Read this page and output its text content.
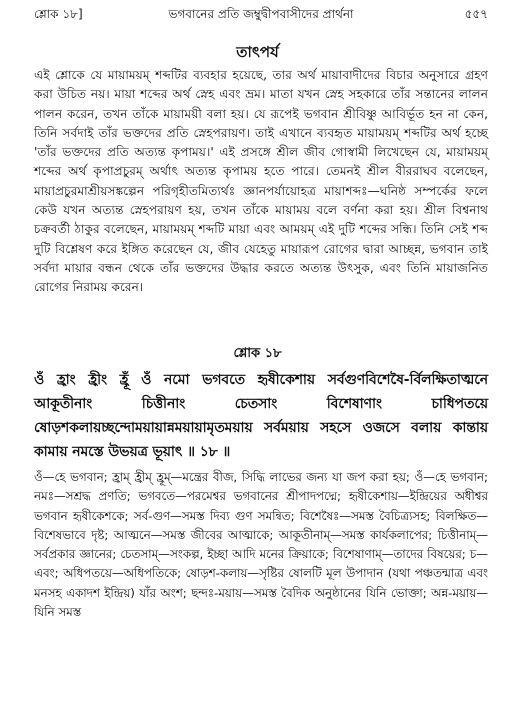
শ্লোক ১৮]	ভগবানের প্রতি জম্বুদ্বীপবাসীদের প্রার্থনা	৫৫৭
তাৎপর্য

এই শ্লোকে যে মায়াময়ম্ শব্দটির ব্যবহার হয়েছে, তার অর্থ মায়াবাদীদের বিচার অনুসারে গ্রহণ করা উচিত নয়। মায়া শব্দের অর্থ স্নেহ এবং ভ্রম। মাতা যখন স্নেহ সহকারে তাঁর সন্তানের লালন পালন করেন, তখন তাঁকে মায়াময়ী বলা হয়। যে রূপেই ভগবান শ্রীবিষ্ণু আবির্ভূত হন না কেন, তিনি সর্বদাই তাঁর ভক্তদের প্রতি স্নেহপরায়ণ। তাই এখানে ব্যবহৃত মায়াময়ম্ শব্দটির অর্থ হচ্ছে 'তাঁর ভক্তদের প্রতি অত্যন্ত কৃপাময়।' এই প্রসঙ্গে শ্রীল জীব গোস্বামী লিখেছেন যে, মায়াময়ম্ শব্দের অর্থ কৃপাপ্রচুরম্ অর্থাৎ অত্যন্ত কৃপাময় হতে পারে। তেমনই শ্রীল বীররাঘব বলেছেন, মায়াপ্রচুরমাশ্রীয়সঙ্কল্পেন পরিগৃহীতমিত্যর্থঃ জ্ঞানপর্যায়োহত্র মায়াশব্দঃ—ঘনিষ্ঠ সম্পর্কের ফলে কেউ যখন অত্যন্ত স্নেহপরায়ণ হয়, তখন তাঁকে মায়াময় বলে বর্ণনা করা হয়। শ্রীল বিশ্বনাথ চক্রবর্তী ঠাকুর বলেছেন, মায়াময়ম্ শব্দটি মায়া এবং আময়ম্ এই দুটি শব্দের সন্ধি। তিনি সেই শব্দ দুটি বিশ্লেষণ করে ইঙ্গিত করেছেন যে, জীব যেহেতু মায়ারূপ রোগের দ্বারা আচ্ছন্ন, ভগবান তাই সর্বদা মায়ার বন্ধন থেকে তাঁর ভক্তদের উদ্ধার করতে অত্যন্ত উৎসুক, এবং তিনি মায়াজনিত রোগের নিরাময় করেন।

শ্লোক ১৮

ওঁ হ্রাং হ্রীং হ্রূঁ ওঁ নমো ভগবতে হৃষীকেশায় সর্বগুণবিশেষৈ-র্বিলক্ষিতাত্মনে আকূতীনাং চিত্তীনাং চেতসাং বিশেষাণাং চাধিপতয়ে ষোড়শকলায়চ্ছন্দোময়ায়ান্নময়ায়ামৃতময়ায় সর্বময়ায় সহসে ওজসে বলায় কান্তায় কামায় নমস্তে উভয়ত্র ভূয়াৎ ॥ ১৮ ॥

ওঁ—হে ভগবান; হ্রাম্ হ্রীম্ হ্রূম্—মন্ত্রের বীজ, সিদ্ধি লাভের জন্য যা জপ করা হয়; ওঁ—হে ভগবান; নমঃ—সশ্রদ্ধ প্রণতি; ভগবতে—পরমেশ্বর ভগবানের শ্রীপাদপদ্মে; হৃষীকেশায়—ইন্দ্রিয়ের অধীশ্বর ভগবান হৃষীকেশকে; সর্ব-গুণ—সমস্ত দিব্য গুণ সমন্বিত; বিশেষৈঃ—সমস্ত বৈচিত্র্যসহ; বিলক্ষিত—বিশেষভাবে দৃষ্ট; আত্মনে—সমস্ত জীবের আত্মাকে; আকূতীনাম্—সমস্ত কার্যকলাপের; চিত্তীনাম্—সর্বপ্রকার জ্ঞানের; চেতসাম্—সংকল্প, ইচ্ছা আদি মনের ক্রিয়াকে; বিশেষাণাম্—তাদের বিষয়ের; চ—এবং; অধিপতয়ে—অধিপতিকে; ষোড়শ-কলায়—সৃষ্টির ষোলটি মূল উপাদান (যথা পঞ্চতন্মাত্র এবং মনসহ একাদশ ইন্দ্রিয়) যাঁর অংশ; ছন্দঃ-ময়ায়—সমস্ত বৈদিক অনুষ্ঠানের যিনি ভোক্তা; অন্ন-ময়ায়—যিনি সমস্ত
